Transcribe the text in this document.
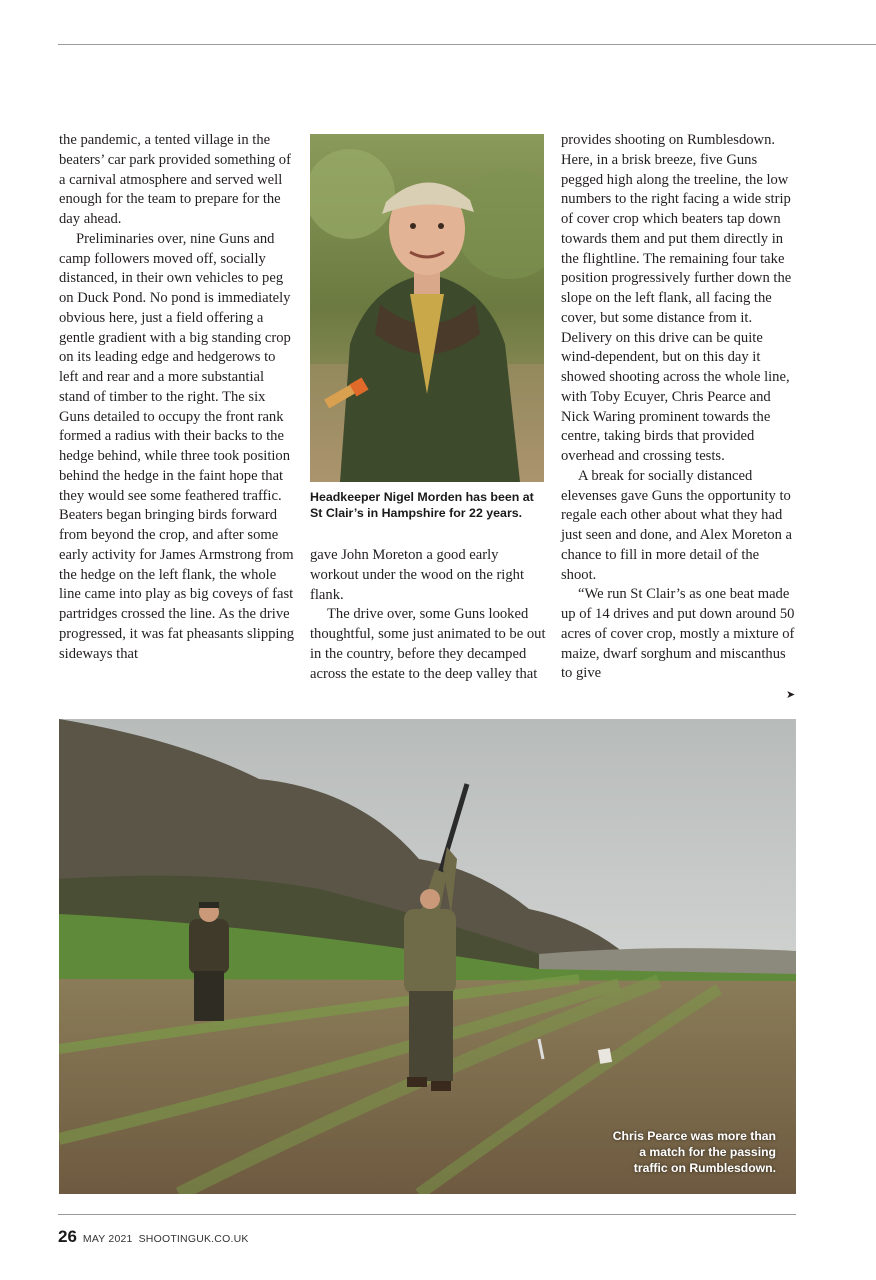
the pandemic, a tented village in the beaters’ car park provided something of a carnival atmosphere and served well enough for the team to prepare for the day ahead.

Preliminaries over, nine Guns and camp followers moved off, socially distanced, in their own vehicles to peg on Duck Pond. No pond is immediately obvious here, just a field offering a gentle gradient with a big standing crop on its leading edge and hedgerows to left and rear and a more substantial stand of timber to the right. The six Guns detailed to occupy the front rank formed a radius with their backs to the hedge behind, while three took position behind the hedge in the faint hope that they would see some feathered traffic. Beaters began bringing birds forward from beyond the crop, and after some early activity for James Armstrong from the hedge on the left flank, the whole line came into play as big coveys of fast partridges crossed the line. As the drive progressed, it was fat pheasants slipping sideways that

Headkeeper Nigel Morden has been at St Clair’s in Hampshire for 22 years.

gave John Moreton a good early workout under the wood on the right flank.

The drive over, some Guns looked thoughtful, some just animated to be out in the country, before they decamped across the estate to the deep valley that

provides shooting on Rumblesdown. Here, in a brisk breeze, five Guns pegged high along the treeline, the low numbers to the right facing a wide strip of cover crop which beaters tap down towards them and put them directly in the flightline. The remaining four take position progressively further down the slope on the left flank, all facing the cover, but some distance from it. Delivery on this drive can be quite wind-dependent, but on this day it showed shooting across the whole line, with Toby Ecuyer, Chris Pearce and Nick Waring prominent towards the centre, taking birds that provided overhead and crossing tests.

A break for socially distanced elevenses gave Guns the opportunity to regale each other about what they had just seen and done, and Alex Moreton a chance to fill in more detail of the shoot.

“We run St Clair’s as one beat made up of 14 drives and put down around 50 acres of cover crop, mostly a mixture of maize, dwarf sorghum and miscanthus to give

➤
Chris Pearce was more than a match for the passing traffic on Rumblesdown.
26 MAY 2021 SHOOTINGUK.CO.UK
